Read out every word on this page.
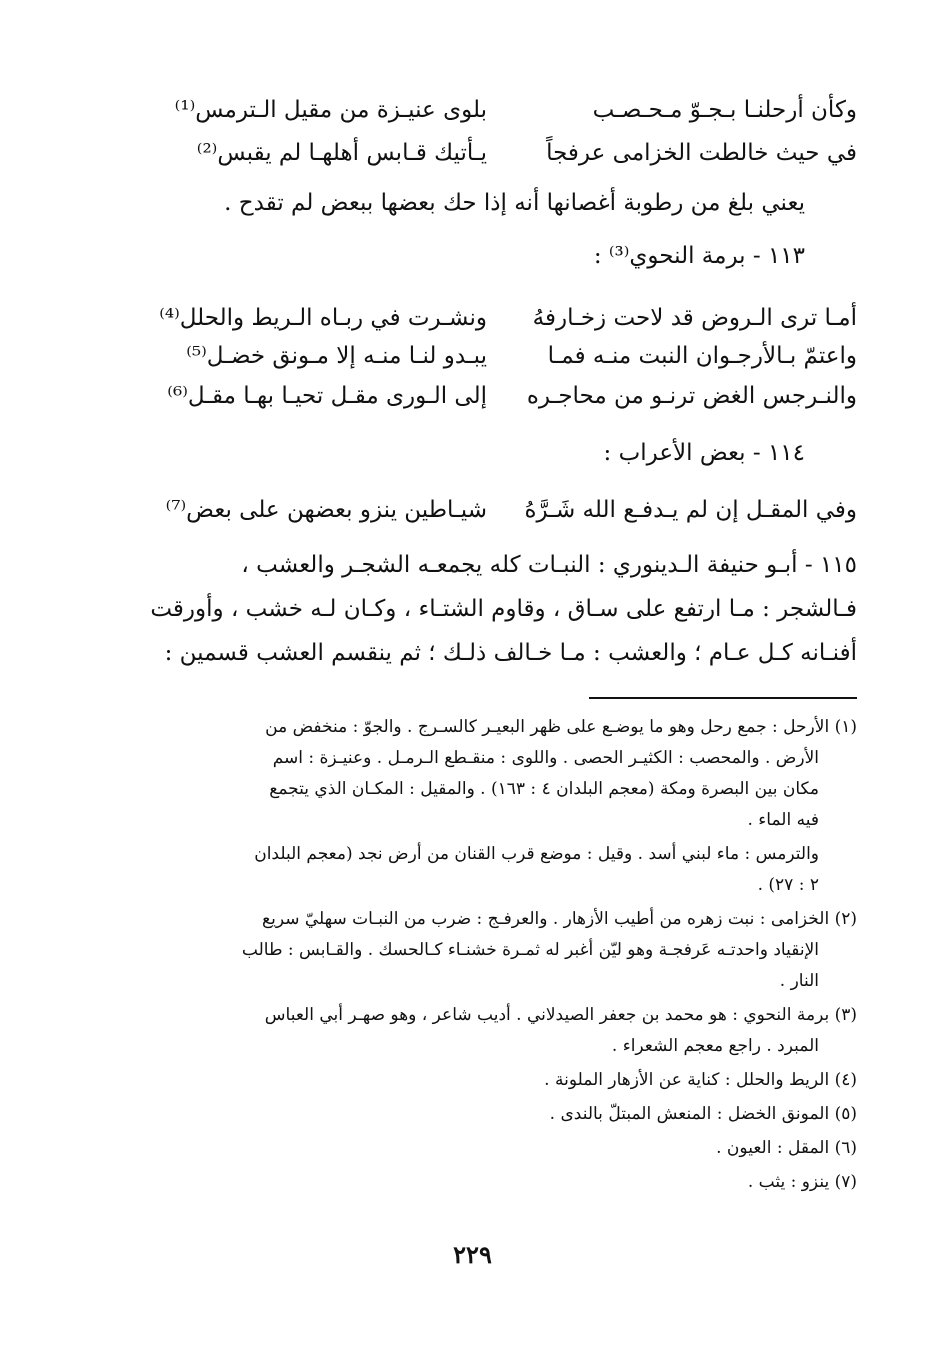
وكأن أرحلنـا بـجـوّ مـحـصـب
بلوى عنيـزة من مقيل الـترمس⁽¹⁾
في حيث خالطت الخزامى عرفجاً
يـأتيك قـابس أهلهـا لم يقبس⁽²⁾
يعني بلغ من رطوبة أغصانها أنه إذا حك بعضها ببعض لم تقدح .
١١٣ - برمة النحوي⁽³⁾ :
أمـا ترى الـروض قد لاحت زخـارفهُ
ونشـرت في ربـاه الـريط والحلل⁽⁴⁾
واعتمّ بـالأرجـوان النبت منـه فمـا
يبـدو لنـا منـه إلا مـونق خضـل⁽⁵⁾
والنـرجس الغض ترنـو من محاجـره
إلى الـورى مقـل تحيـا بهـا مقـل⁽⁶⁾
١١٤ - بعض الأعراب :
وفي المقـل إن لم يـدفـع الله شَـرَّهُ
شيـاطين ينزو بعضهن على بعض⁽⁷⁾
١١٥ - أبـو حنيفة الـدينوري : النبـات كله يجمعـه الشجـر والعشب ،
فـالشجر : مـا ارتفع على سـاق ، وقاوم الشتـاء ، وكـان لـه خشب ، وأورقت
أفنـانه كـل عـام ؛ والعشب : مـا خـالف ذلـك ؛ ثم ينقسم العشب قسمين :
(١) الأرحل : جمع رحل وهو ما يوضـع على ظهر البعيـر كالسـرج . والجوّ : منخفض من
الأرض . والمحصب : الكثيـر الحصى . واللوى : منقـطع الـرمـل . وعنيـزة : اسم
مكان بين البصرة ومكة (معجم البلدان ٤ : ١٦٣) . والمقيل : المكـان الذي يتجمع
فيه الماء .
والترمس : ماء لبني أسد . وقيل : موضع قرب القنان من أرض نجد (معجم البلدان
٢ : ٢٧) .
(٢) الخزامى : نبت زهره من أطيب الأزهار . والعرفـج : ضرب من النبـات سهليّ سريع
الإنقياد واحدتـه عَرفجـة وهو ليّن أغبر له ثمـرة خشنـاء كـالحسك . والقـابس : طالب
النار .
(٣) برمة النحوي : هو محمد بن جعفر الصيدلاني . أديب شاعر ، وهو صهـر أبي العباس
المبرد . راجع معجم الشعراء .
(٤) الريط والحلل : كناية عن الأزهار الملونة .
(٥) المونق الخضل : المنعش المبتلّ بالندى .
(٦) المقل : العيون .
(٧) ينزو : يثب .
٢٢٩
